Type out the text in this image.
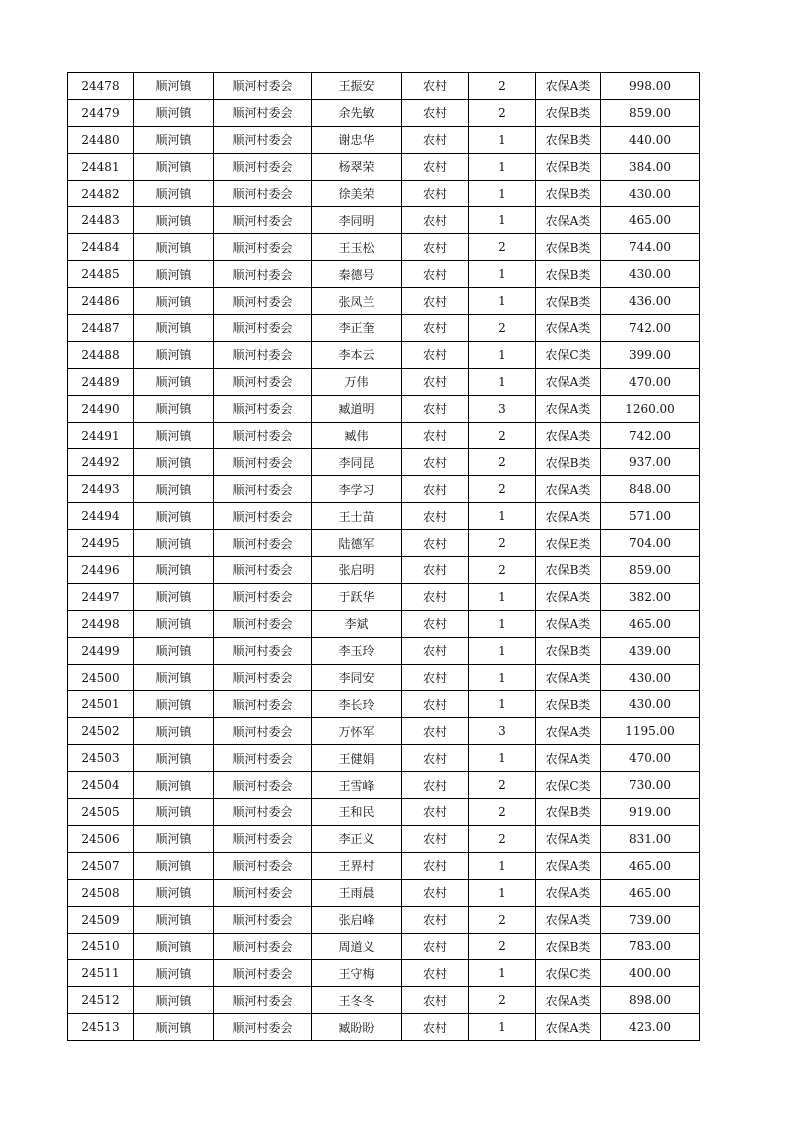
24478	顺河镇	顺河村委会	王振安	农村	2	农保A类	998.00
24479	顺河镇	顺河村委会	余先敏	农村	2	农保B类	859.00
24480	顺河镇	顺河村委会	谢忠华	农村	1	农保B类	440.00
24481	顺河镇	顺河村委会	杨翠荣	农村	1	农保B类	384.00
24482	顺河镇	顺河村委会	徐美荣	农村	1	农保B类	430.00
24483	顺河镇	顺河村委会	李同明	农村	1	农保A类	465.00
24484	顺河镇	顺河村委会	王玉松	农村	2	农保B类	744.00
24485	顺河镇	顺河村委会	秦德号	农村	1	农保B类	430.00
24486	顺河镇	顺河村委会	张凤兰	农村	1	农保B类	436.00
24487	顺河镇	顺河村委会	李正奎	农村	2	农保A类	742.00
24488	顺河镇	顺河村委会	李本云	农村	1	农保C类	399.00
24489	顺河镇	顺河村委会	万伟	农村	1	农保A类	470.00
24490	顺河镇	顺河村委会	臧道明	农村	3	农保A类	1260.00
24491	顺河镇	顺河村委会	臧伟	农村	2	农保A类	742.00
24492	顺河镇	顺河村委会	李同昆	农村	2	农保B类	937.00
24493	顺河镇	顺河村委会	李学习	农村	2	农保A类	848.00
24494	顺河镇	顺河村委会	王士苗	农村	1	农保A类	571.00
24495	顺河镇	顺河村委会	陆德军	农村	2	农保E类	704.00
24496	顺河镇	顺河村委会	张启明	农村	2	农保B类	859.00
24497	顺河镇	顺河村委会	于跃华	农村	1	农保A类	382.00
24498	顺河镇	顺河村委会	李斌	农村	1	农保A类	465.00
24499	顺河镇	顺河村委会	李玉玲	农村	1	农保B类	439.00
24500	顺河镇	顺河村委会	李同安	农村	1	农保A类	430.00
24501	顺河镇	顺河村委会	李长玲	农村	1	农保B类	430.00
24502	顺河镇	顺河村委会	万怀军	农村	3	农保A类	1195.00
24503	顺河镇	顺河村委会	王健娟	农村	1	农保A类	470.00
24504	顺河镇	顺河村委会	王雪峰	农村	2	农保C类	730.00
24505	顺河镇	顺河村委会	王和民	农村	2	农保B类	919.00
24506	顺河镇	顺河村委会	李正义	农村	2	农保A类	831.00
24507	顺河镇	顺河村委会	王界村	农村	1	农保A类	465.00
24508	顺河镇	顺河村委会	王雨晨	农村	1	农保A类	465.00
24509	顺河镇	顺河村委会	张启峰	农村	2	农保A类	739.00
24510	顺河镇	顺河村委会	周道义	农村	2	农保B类	783.00
24511	顺河镇	顺河村委会	王守梅	农村	1	农保C类	400.00
24512	顺河镇	顺河村委会	王冬冬	农村	2	农保A类	898.00
24513	顺河镇	顺河村委会	臧盼盼	农村	1	农保A类	423.00
